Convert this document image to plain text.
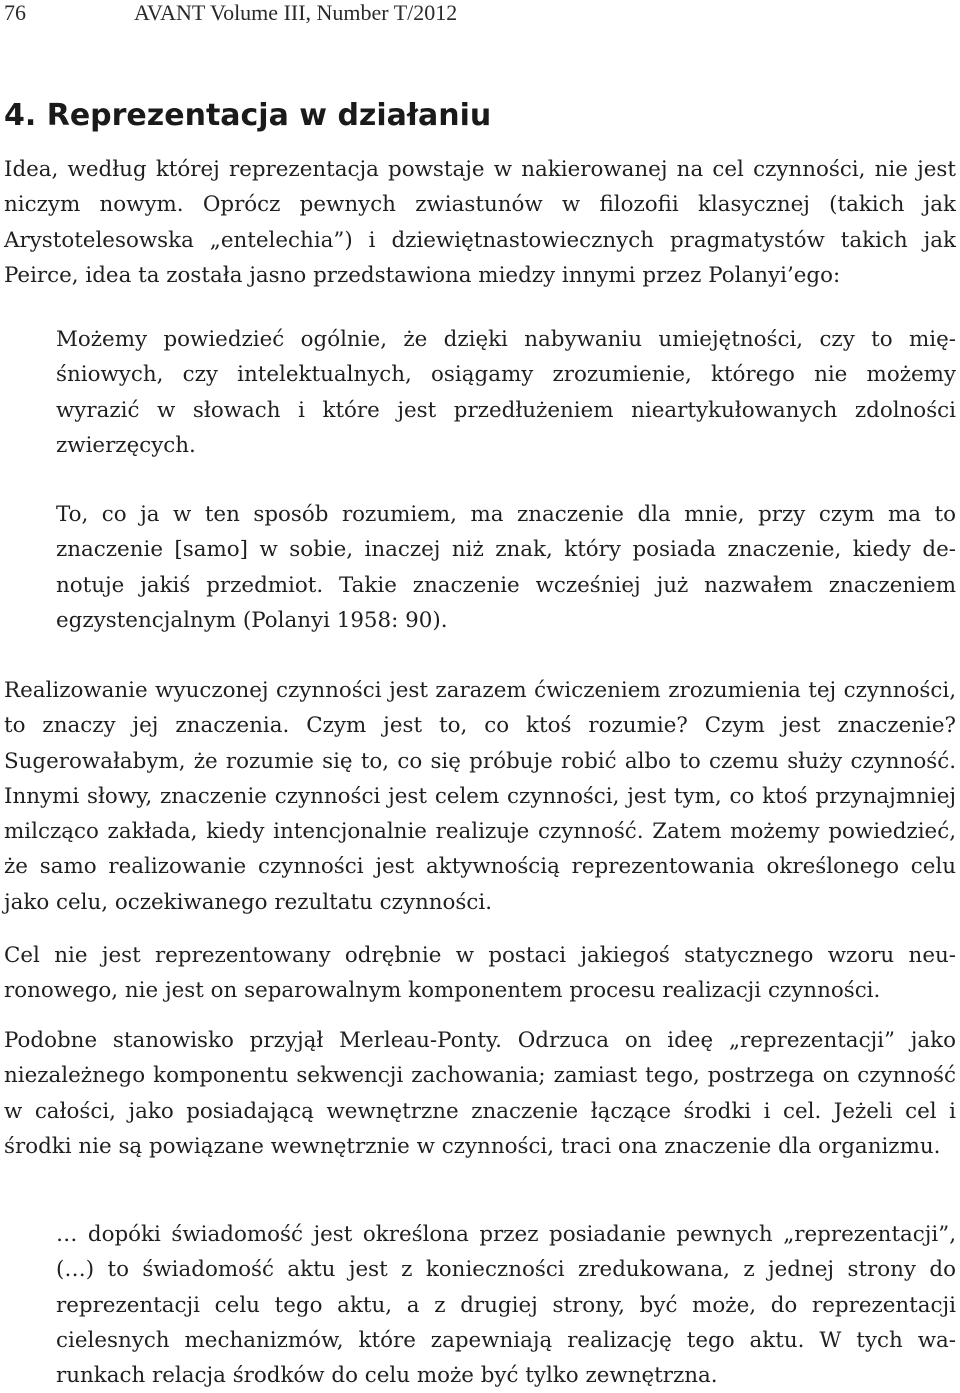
76	AVANT Volume III, Number T/2012
4. Reprezentacja w działaniu

Idea, według której reprezentacja powstaje w nakierowanej na cel czynności, nie jest niczym nowym. Oprócz pewnych zwiastunów w filozofii klasycznej (takich jak Arystotelesowska „entelechia”) i dziewiętnastowiecznych pragmatystów takich jak Peirce, idea ta została jasno przedstawiona miedzy innymi przez Polanyi’ego:

Możemy powiedzieć ogólnie, że dzięki nabywaniu umiejętności, czy to mięśniowych, czy intelektualnych, osiągamy zrozumienie, którego nie możemy wyrazić w słowach i które jest przedłużeniem nieartykułowanych zdolności zwierzęcych.

To, co ja w ten sposób rozumiem, ma znaczenie dla mnie, przy czym ma to znaczenie [samo] w sobie, inaczej niż znak, który posiada znaczenie, kiedy denotuje jakiś przedmiot. Takie znaczenie wcześniej już nazwałem znaczeniem egzystencjalnym (Polanyi 1958: 90).

Realizowanie wyuczonej czynności jest zarazem ćwiczeniem zrozumienia tej czynności, to znaczy jej znaczenia. Czym jest to, co ktoś rozumie? Czym jest znaczenie? Sugerowałabym, że rozumie się to, co się próbuje robić albo to czemu służy czynność. Innymi słowy, znaczenie czynności jest celem czynności, jest tym, co ktoś przynajmniej milcząco zakłada, kiedy intencjonalnie realizuje czynność. Zatem możemy powiedzieć, że samo realizowanie czynności jest aktywnością reprezentowania określonego celu jako celu, oczekiwanego rezultatu czynności.

Cel nie jest reprezentowany odrębnie w postaci jakiegoś statycznego wzoru neuronowego, nie jest on separowalnym komponentem procesu realizacji czynności.

Podobne stanowisko przyjął Merleau-Ponty. Odrzuca on ideę „reprezentacji” jako niezależnego komponentu sekwencji zachowania; zamiast tego, postrzega on czynność w całości, jako posiadającą wewnętrzne znaczenie łączące środki i cel. Jeżeli cel i środki nie są powiązane wewnętrznie w czynności, traci ona znaczenie dla organizmu.

… dopóki świadomość jest określona przez posiadanie pewnych „reprezentacji”, (…) to świadomość aktu jest z konieczności zredukowana, z jednej strony do reprezentacji celu tego aktu, a z drugiej strony, być może, do reprezentacji cielesnych mechanizmów, które zapewniają realizację tego aktu. W tych warunkach relacja środków do celu może być tylko zewnętrzna.
